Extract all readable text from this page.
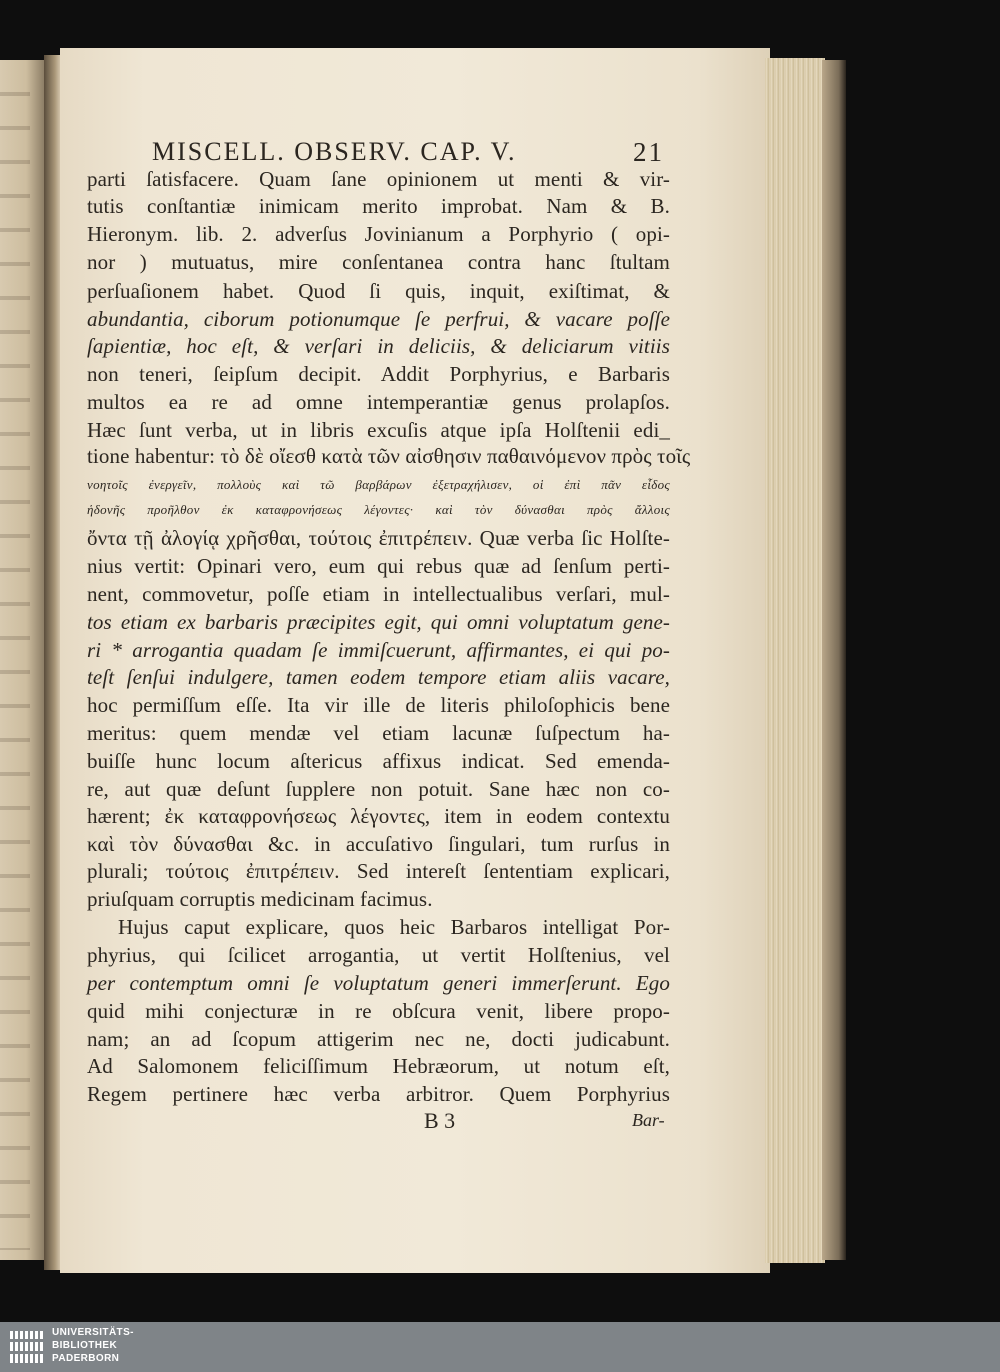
MISCELL. OBSERV. CAP. V.	21
parti ſatisfacere. Quam ſane opinionem ut menti & vir-
tutis conſtantiæ inimicam merito improbat. Nam & B.
Hieronym. lib. 2. adverſus Jovinianum a Porphyrio ( opi-
nor ) mutuatus, mire conſentanea contra hanc ſtultam
perſuaſionem habet. Quod ſi quis, inquit, exiſtimat, &
abundantia, ciborum potionumque ſe perfrui, & vacare poſſe
ſapientiæ, hoc eſt, & verſari in deliciis, & deliciarum vitiis
non teneri, ſeipſum decipit. Addit Porphyrius, e Barbaris
multos ea re ad omne intemperantiæ genus prolapſos.
Hæc ſunt verba, ut in libris excuſis atque ipſa Holſtenii edi_
tione habentur: τὸ δὲ οἴεσθ κατὰ τῶν αἰσθησιν παθαινόμενον πρὸς τοῖς
νοητοῖς ἐνεργεῖν, πολλοὺς καὶ τῶ βαρβάρων ἐξετραχήλισεν, οἱ ἐπὶ πᾶν εἶδος
ἡδονῆς προῆλθον ἐκ καταφρονήσεως λέγοντες· καὶ τὸν δύνασθαι πρὸς ἄλλοις
ὄντα τῇ ἀλογίᾳ χρῆσθαι, τούτοις ἐπιτρέπειν. Quæ verba ſic Holſte-
nius vertit: Opinari vero, eum qui rebus quæ ad ſenſum perti-
nent, commovetur, poſſe etiam in intellectualibus verſari, mul-
tos etiam ex barbaris præcipites egit, qui omni voluptatum gene-
ri * arrogantia quadam ſe immiſcuerunt, affirmantes, ei qui po-
teſt ſenſui indulgere, tamen eodem tempore etiam aliis vacare,
hoc permiſſum eſſe. Ita vir ille de literis philoſophicis bene
meritus: quem mendæ vel etiam lacunæ ſuſpectum ha-
buiſſe hunc locum aſtericus affixus indicat. Sed emenda-
re, aut quæ deſunt ſupplere non potuit. Sane hæc non co-
hærent; ἐκ καταφρονήσεως λέγοντες, item in eodem contextu
καὶ τὸν δύνασθαι &c. in accuſativo ſingulari, tum rurſus in
plurali; τούτοις ἐπιτρέπειν. Sed intereſt ſententiam explicari,
priuſquam corruptis medicinam facimus.
Hujus caput explicare, quos heic Barbaros intelligat Por-
phyrius, qui ſcilicet arrogantia, ut vertit Holſtenius, vel
per contemptum omni ſe voluptatum generi immerſerunt. Ego
quid mihi conjecturæ in re obſcura venit, libere propo-
nam; an ad ſcopum attigerim nec ne, docti judicabunt.
Ad Salomonem feliciſſimum Hebræorum, ut notum eſt,
Regem pertinere hæc verba arbitror. Quem Porphyrius
B 3	Bar-
UNIVERSITÄTS-
BIBLIOTHEK
PADERBORN
